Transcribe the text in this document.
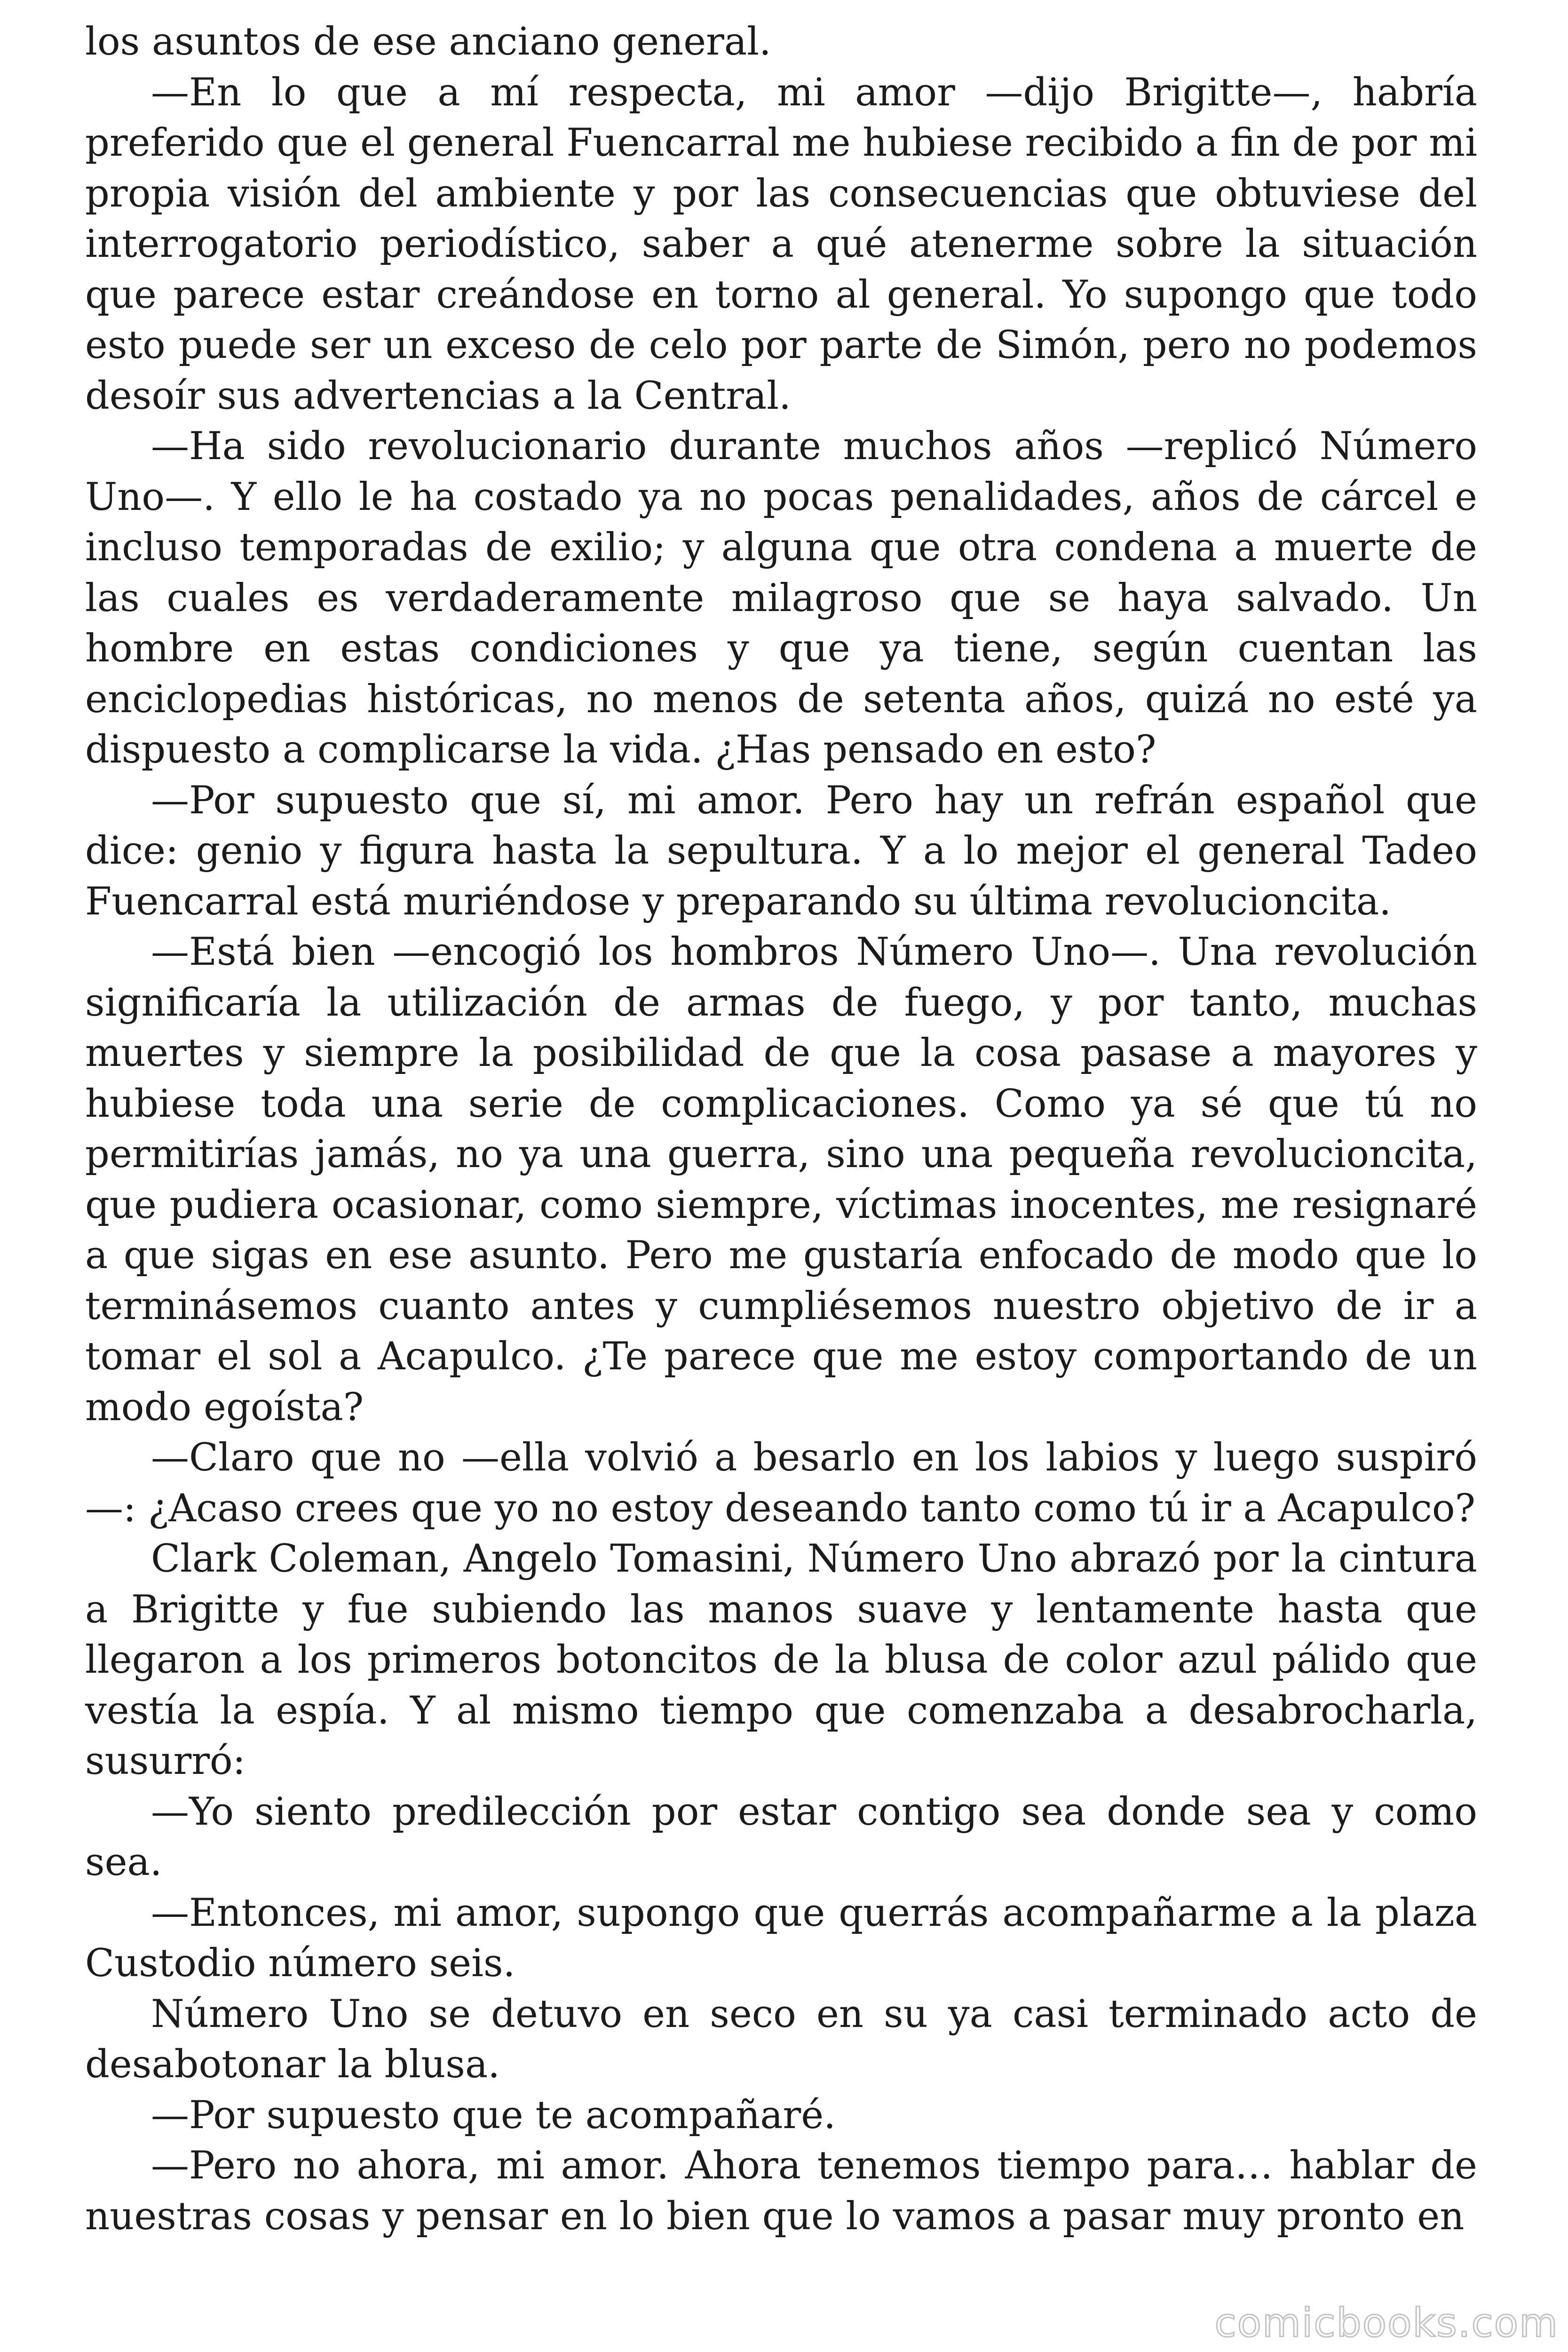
los asuntos de ese anciano general.

—En lo que a mí respecta, mi amor —dijo Brigitte—, habría preferido que el general Fuencarral me hubiese recibido a fin de por mi propia visión del ambiente y por las consecuencias que obtuviese del interrogatorio periodístico, saber a qué atenerme sobre la situación que parece estar creándose en torno al general. Yo supongo que todo esto puede ser un exceso de celo por parte de Simón, pero no podemos desoír sus advertencias a la Central.

—Ha sido revolucionario durante muchos años —replicó Número Uno—. Y ello le ha costado ya no pocas penalidades, años de cárcel e incluso temporadas de exilio; y alguna que otra condena a muerte de las cuales es verdaderamente milagroso que se haya salvado. Un hombre en estas condiciones y que ya tiene, según cuentan las enciclopedias históricas, no menos de setenta años, quizá no esté ya dispuesto a complicarse la vida. ¿Has pensado en esto?

—Por supuesto que sí, mi amor. Pero hay un refrán español que dice: genio y figura hasta la sepultura. Y a lo mejor el general Tadeo Fuencarral está muriéndose y preparando su última revolucioncita.

—Está bien —encogió los hombros Número Uno—. Una revolución significaría la utilización de armas de fuego, y por tanto, muchas muertes y siempre la posibilidad de que la cosa pasase a mayores y hubiese toda una serie de complicaciones. Como ya sé que tú no permitirías jamás, no ya una guerra, sino una pequeña revolucioncita, que pudiera ocasionar, como siempre, víctimas inocentes, me resignaré a que sigas en ese asunto. Pero me gustaría enfocado de modo que lo terminásemos cuanto antes y cumpliésemos nuestro objetivo de ir a tomar el sol a Acapulco. ¿Te parece que me estoy comportando de un modo egoísta?

—Claro que no —ella volvió a besarlo en los labios y luego suspiró —: ¿Acaso crees que yo no estoy deseando tanto como tú ir a Acapulco?

Clark Coleman, Angelo Tomasini, Número Uno abrazó por la cintura a Brigitte y fue subiendo las manos suave y lentamente hasta que llegaron a los primeros botoncitos de la blusa de color azul pálido que vestía la espía. Y al mismo tiempo que comenzaba a desabrocharla, susurró:

—Yo siento predilección por estar contigo sea donde sea y como sea.

—Entonces, mi amor, supongo que querrás acompañarme a la plaza Custodio número seis.

Número Uno se detuvo en seco en su ya casi terminado acto de desabotonar la blusa.

—Por supuesto que te acompañaré.

—Pero no ahora, mi amor. Ahora tenemos tiempo para… hablar de nuestras cosas y pensar en lo bien que lo vamos a pasar muy pronto en

comicbooks.com
